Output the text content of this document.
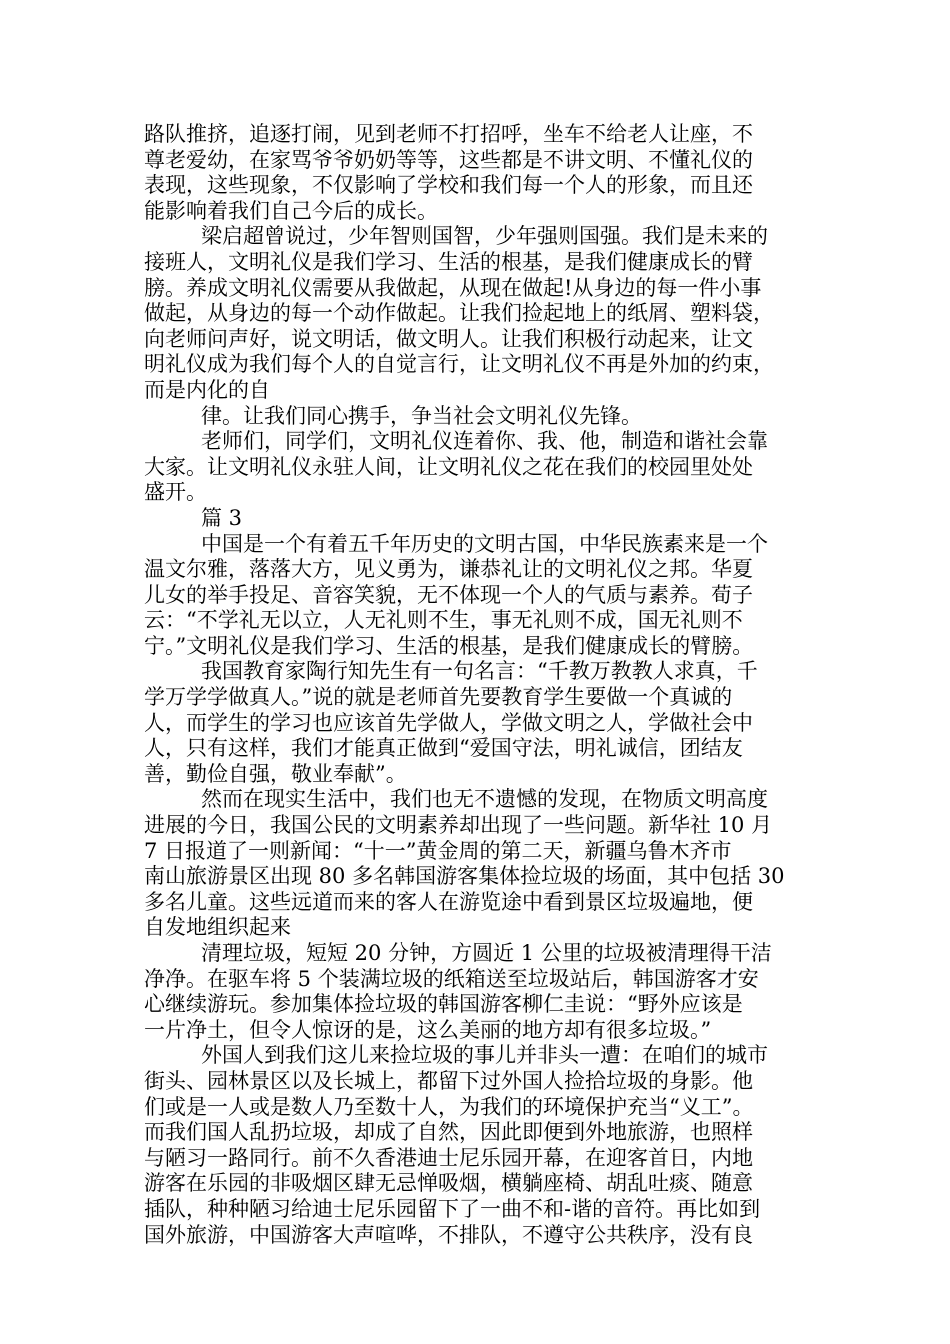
路队推挤，追逐打闹，见到老师不打招呼，坐车不给老人让座，不
尊老爱幼，在家骂爷爷奶奶等等，这些都是不讲文明、不懂礼仪的
表现，这些现象，不仅影响了学校和我们每一个人的形象，而且还
能影响着我们自己今后的成长。
梁启超曾说过，少年智则国智，少年强则国强。我们是未来的
接班人，文明礼仪是我们学习、生活的根基，是我们健康成长的臂
膀。养成文明礼仪需要从我做起，从现在做起!从身边的每一件小事
做起，从身边的每一个动作做起。让我们捡起地上的纸屑、塑料袋，
向老师问声好，说文明话，做文明人。让我们积极行动起来，让文
明礼仪成为我们每个人的自觉言行，让文明礼仪不再是外加的约束，
而是内化的自
律。让我们同心携手，争当社会文明礼仪先锋。
老师们，同学们，文明礼仪连着你、我、他，制造和谐社会靠
大家。让文明礼仪永驻人间，让文明礼仪之花在我们的校园里处处
盛开。
篇 3
中国是一个有着五千年历史的文明古国，中华民族素来是一个
温文尔雅，落落大方，见义勇为，谦恭礼让的文明礼仪之邦。华夏
儿女的举手投足、音容笑貌，无不体现一个人的气质与素养。荀子
云：“不学礼无以立，人无礼则不生，事无礼则不成，国无礼则不
宁。”文明礼仪是我们学习、生活的根基，是我们健康成长的臂膀。
我国教育家陶行知先生有一句名言：“千教万教教人求真，千
学万学学做真人。”说的就是老师首先要教育学生要做一个真诚的
人，而学生的学习也应该首先学做人，学做文明之人，学做社会中
人，只有这样，我们才能真正做到“爱国守法，明礼诚信，团结友
善，勤俭自强，敬业奉献”。
然而在现实生活中，我们也无不遗憾的发现，在物质文明高度
进展的今日，我国公民的文明素养却出现了一些问题。新华社 10 月
7 日报道了一则新闻：“十一”黄金周的第二天，新疆乌鲁木齐市
南山旅游景区出现 80 多名韩国游客集体捡垃圾的场面，其中包括 30
多名儿童。这些远道而来的客人在游览途中看到景区垃圾遍地，便
自发地组织起来
清理垃圾，短短 20 分钟，方圆近 1 公里的垃圾被清理得干洁
净净。在驱车将 5 个装满垃圾的纸箱送至垃圾站后，韩国游客才安
心继续游玩。参加集体捡垃圾的韩国游客柳仁圭说：“野外应该是
一片净土，但令人惊讶的是，这么美丽的地方却有很多垃圾。”
外国人到我们这儿来捡垃圾的事儿并非头一遭：在咱们的城市
街头、园林景区以及长城上，都留下过外国人捡拾垃圾的身影。他
们或是一人或是数人乃至数十人，为我们的环境保护充当“义工”。
而我们国人乱扔垃圾，却成了自然，因此即便到外地旅游，也照样
与陋习一路同行。前不久香港迪士尼乐园开幕，在迎客首日，内地
游客在乐园的非吸烟区肆无忌惮吸烟，横躺座椅、胡乱吐痰、随意
插队，种种陋习给迪士尼乐园留下了一曲不和-谐的音符。再比如到
国外旅游，中国游客大声喧哗，不排队，不遵守公共秩序，没有良
